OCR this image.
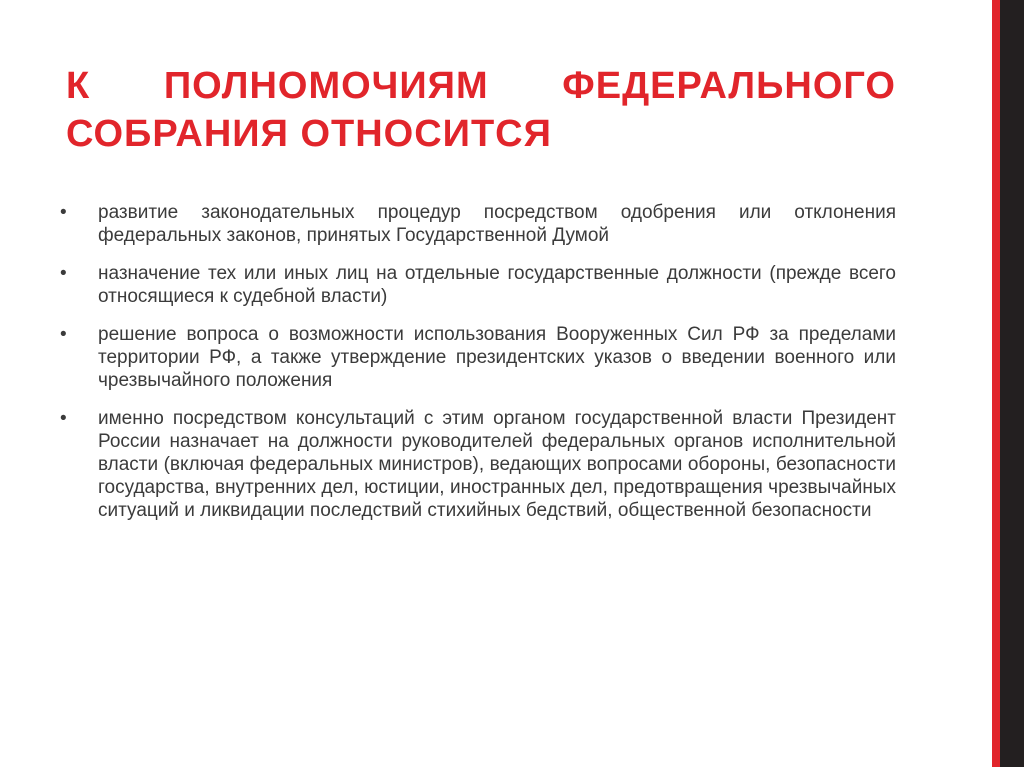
К ПОЛНОМОЧИЯМ ФЕДЕРАЛЬНОГО
СОБРАНИЯ ОТНОСИТСЯ
•	развитие законодательных процедур посредством одобрения или отклонения федеральных законов, принятых Государственной Думой
•	назначение тех или иных лиц на отдельные государственные должности (прежде всего относящиеся к судебной власти)
•	решение вопроса о возможности использования Вооруженных Сил РФ за пределами территории РФ, а также утверждение президентских указов о введении военного или чрезвычайного положения
•	именно посредством консультаций с этим органом государственной власти Президент России назначает на должности руководителей федеральных органов исполнительной власти (включая федеральных министров), ведающих вопросами обороны, безопасности государства, внутренних дел, юстиции, иностранных дел, предотвращения чрезвычайных ситуаций и ликвидации последствий стихийных бедствий, общественной безопасности
